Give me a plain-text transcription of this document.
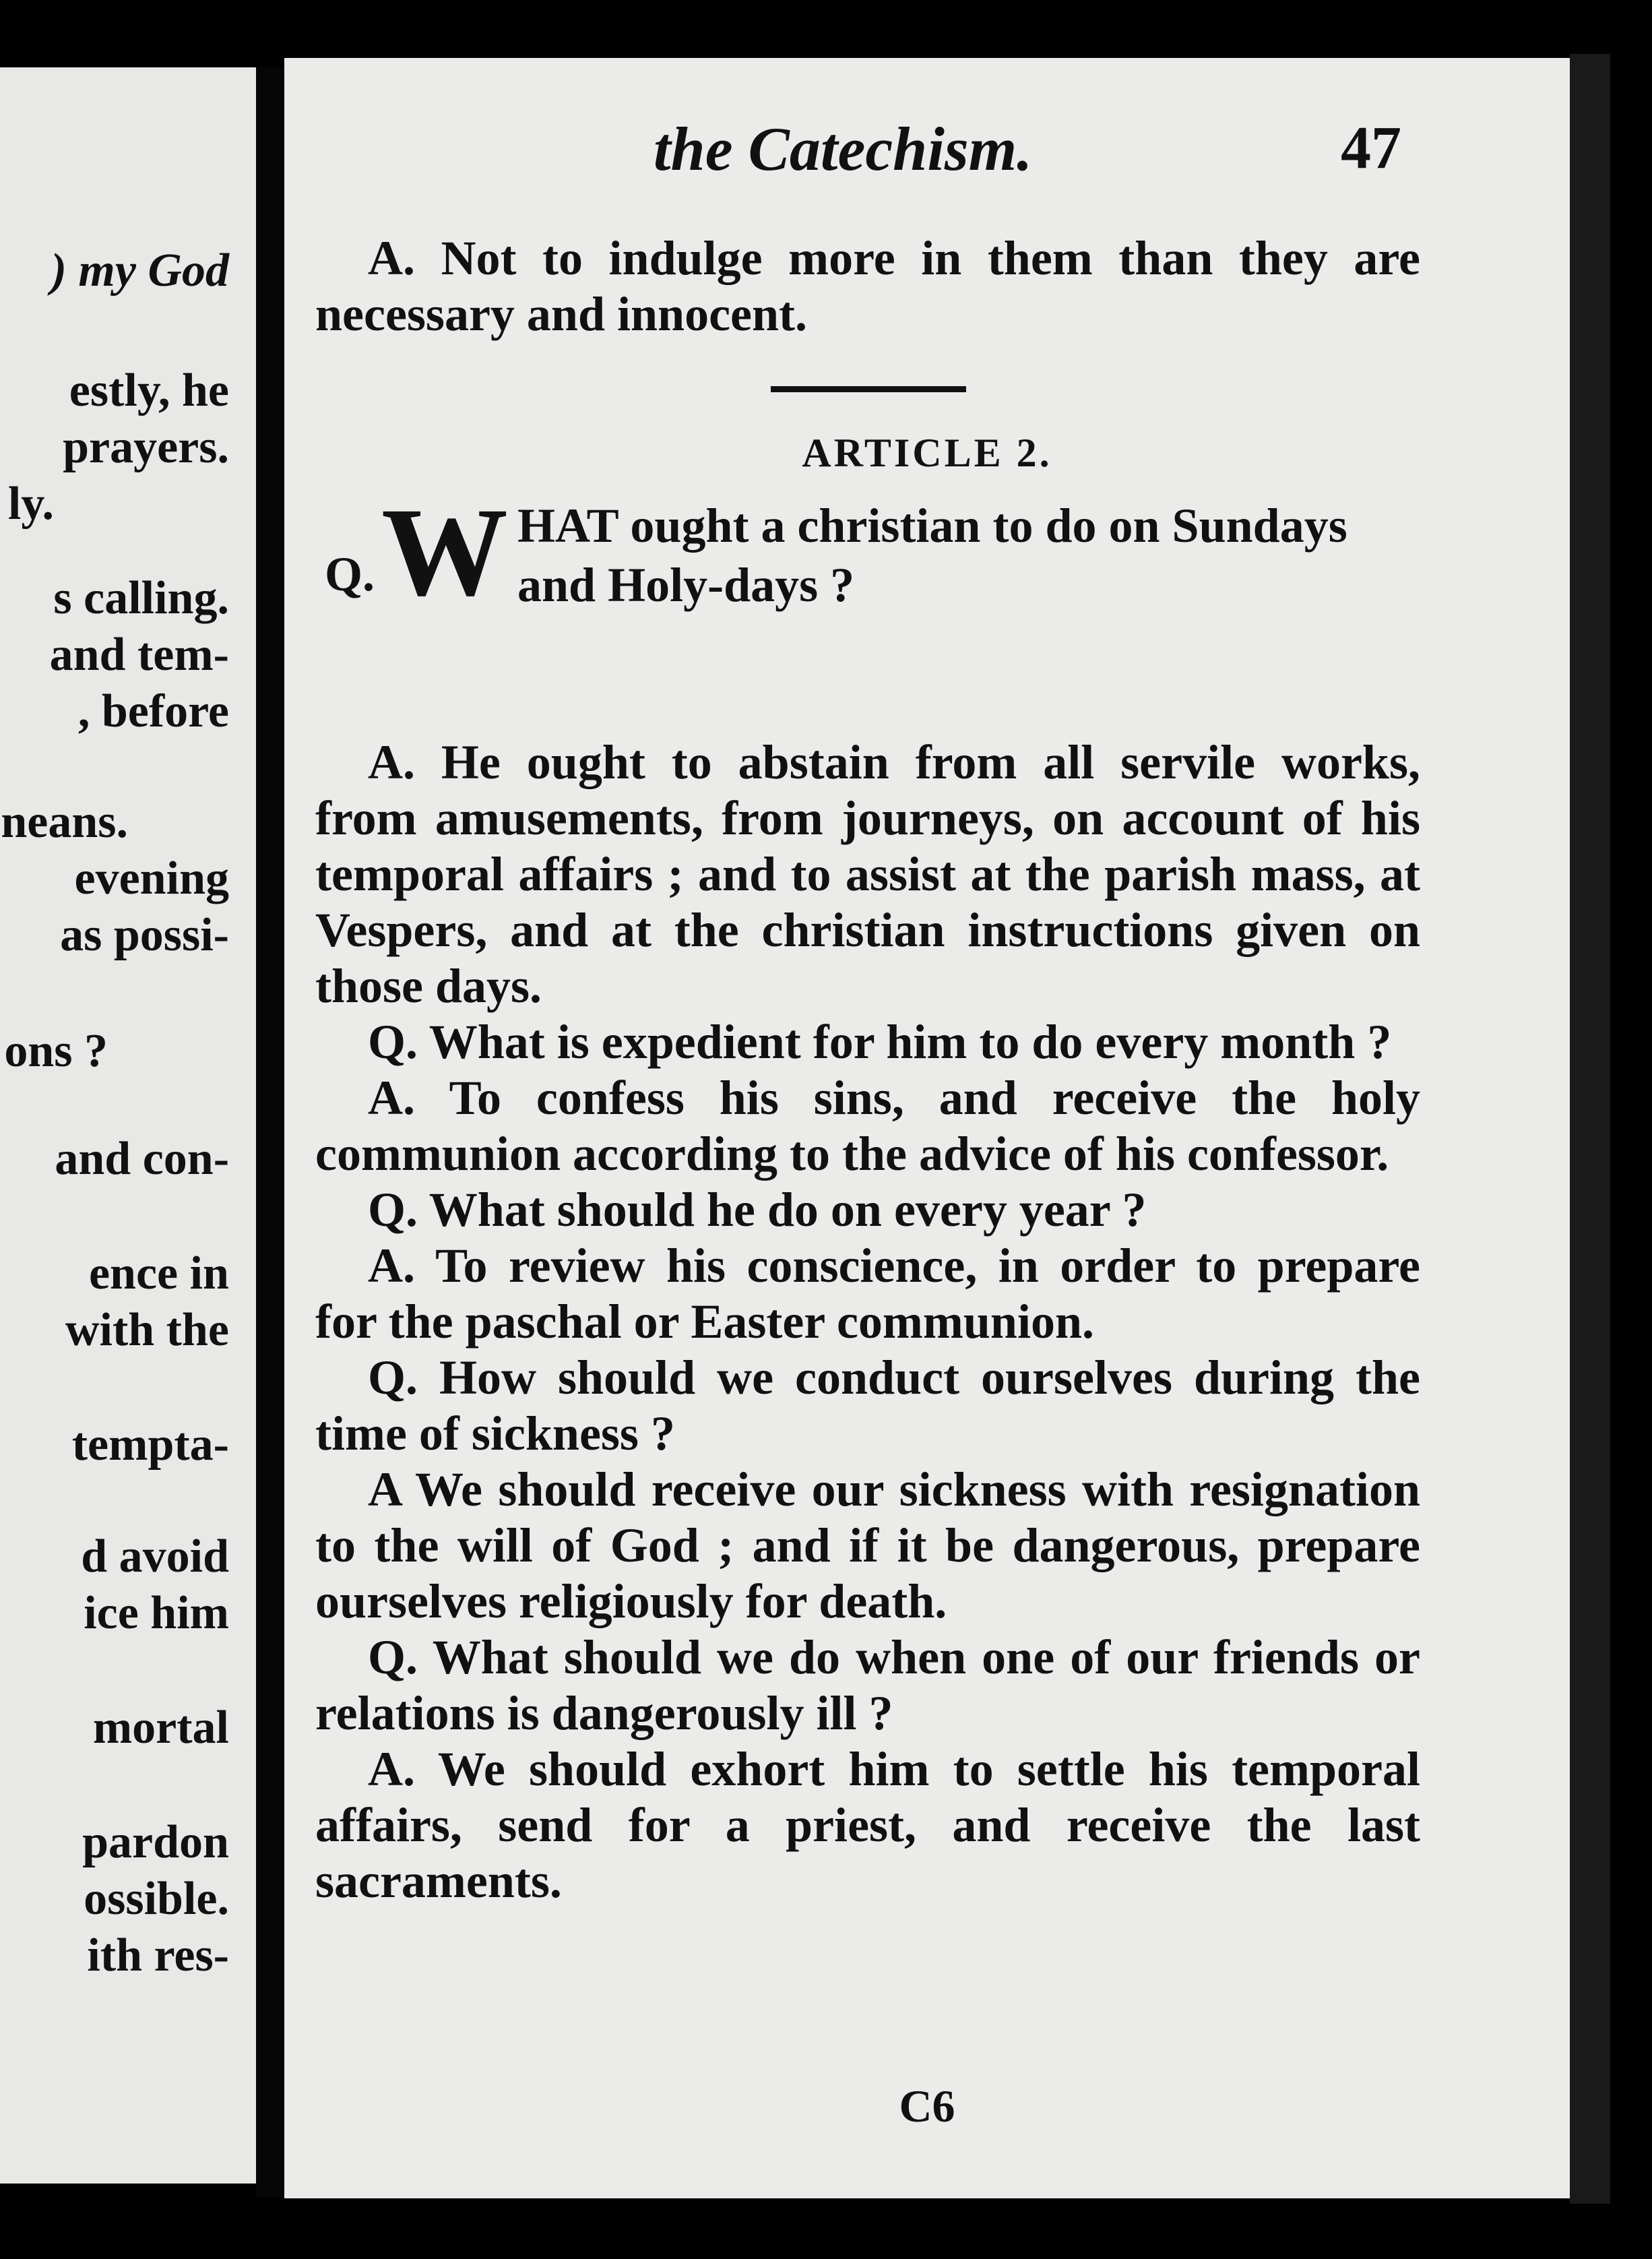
) my God
estly, he
prayers.
ly.
s calling.
and tem-
, before
neans.
evening
as possi-
ons ?
and con-
ence in
with the
tempta-
d avoid
ice him
mortal
pardon
ossible.
ith res-
the Catechism.	47

A. Not to indulge more in them than they are necessary and innocent.

ARTICLE 2.
Q. W HAT ought a christian to do on Sundays and Holy-days ?

A. He ought to abstain from all servile works, from amusements, from journeys, on account of his temporal affairs ; and to assist at the parish mass, at Vespers, and at the christian instructions given on those days.

Q. What is expedient for him to do every month ?

A. To confess his sins, and receive the holy communion according to the advice of his confessor.

Q. What should he do on every year ?

A. To review his conscience, in order to prepare for the paschal or Easter communion.

Q. How should we conduct ourselves during the time of sickness ?

A We should receive our sickness with resignation to the will of God ; and if it be dangerous, prepare ourselves religiously for death.

Q. What should we do when one of our friends or relations is dangerously ill ?

A. We should exhort him to settle his temporal affairs, send for a priest, and receive the last sacraments.

C6
